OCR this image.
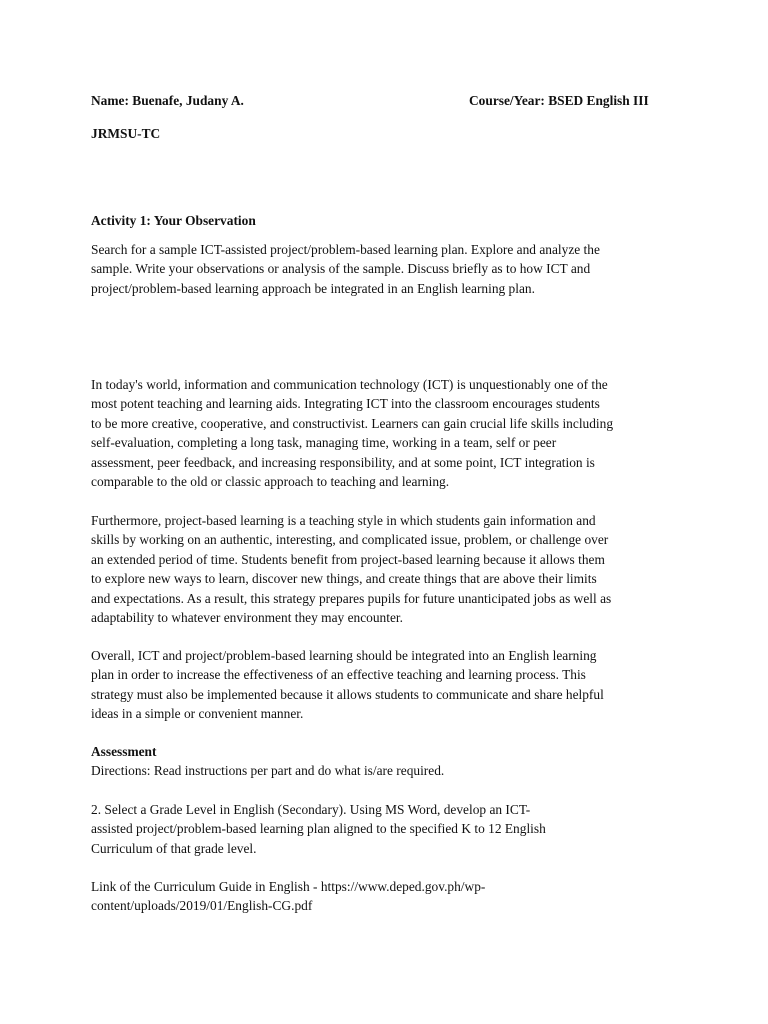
Name: Buenafe, Judany A.	Course/Year: BSED English III
JRMSU-TC
Activity 1: Your Observation
Search for a sample ICT-assisted project/problem-based learning plan. Explore and analyze the
sample. Write your observations or analysis of the sample. Discuss briefly as to how ICT and
project/problem-based learning approach be integrated in an English learning plan.
In today's world, information and communication technology (ICT) is unquestionably one of the
most potent teaching and learning aids. Integrating ICT into the classroom encourages students
to be more creative, cooperative, and constructivist. Learners can gain crucial life skills including
self-evaluation, completing a long task, managing time, working in a team, self or peer
assessment, peer feedback, and increasing responsibility, and at some point, ICT integration is
comparable to the old or classic approach to teaching and learning.
Furthermore, project-based learning is a teaching style in which students gain information and
skills by working on an authentic, interesting, and complicated issue, problem, or challenge over
an extended period of time. Students benefit from project-based learning because it allows them
to explore new ways to learn, discover new things, and create things that are above their limits
and expectations. As a result, this strategy prepares pupils for future unanticipated jobs as well as
adaptability to whatever environment they may encounter.
Overall, ICT and project/problem-based learning should be integrated into an English learning
plan in order to increase the effectiveness of an effective teaching and learning process. This
strategy must also be implemented because it allows students to communicate and share helpful
ideas in a simple or convenient manner.
Assessment
Directions: Read instructions per part and do what is/are required.
2. Select a Grade Level in English (Secondary). Using MS Word, develop an ICT-
assisted project/problem-based learning plan aligned to the specified K to 12 English
Curriculum of that grade level.
Link of the Curriculum Guide in English - https://www.deped.gov.ph/wp-
content/uploads/2019/01/English-CG.pdf
